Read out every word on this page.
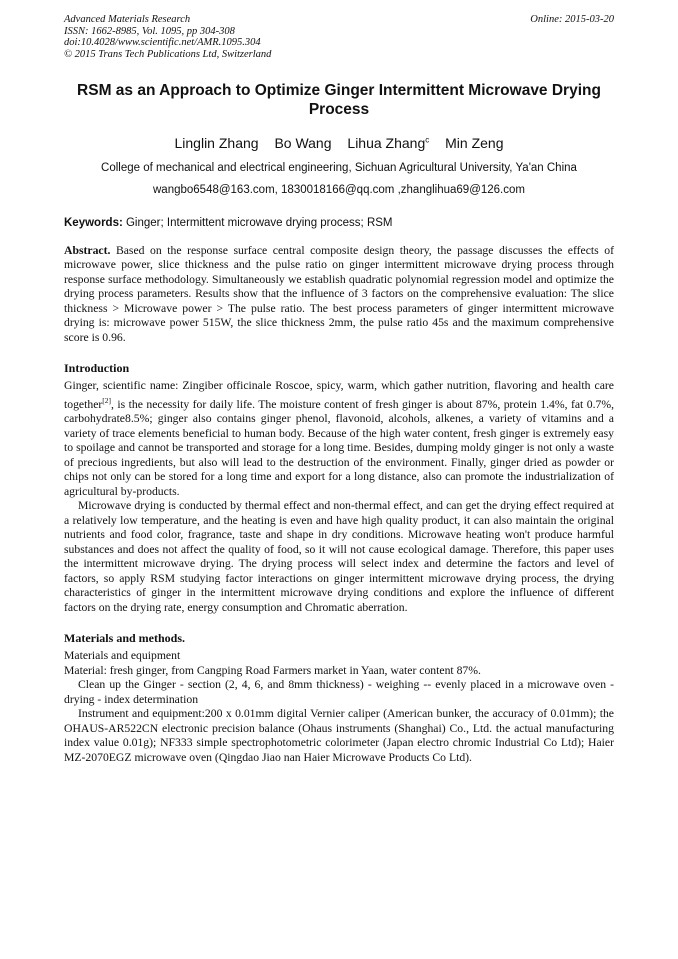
Advanced Materials Research
ISSN: 1662-8985, Vol. 1095, pp 304-308
doi:10.4028/www.scientific.net/AMR.1095.304
© 2015 Trans Tech Publications Ltd, Switzerland
Online: 2015-03-20
RSM as an Approach to Optimize Ginger Intermittent Microwave Drying Process
Linglin Zhang Bo Wang Lihua Zhang$^c$ Min Zeng
College of mechanical and electrical engineering, Sichuan Agricultural University, Ya'an China
wangbo6548@163.com, 1830018166@qq.com ,zhanglihua69@126.com
Keywords: Ginger; Intermittent microwave drying process; RSM

Abstract. Based on the response surface central composite design theory, the passage discusses the effects of microwave power, slice thickness and the pulse ratio on ginger intermittent microwave drying process through response surface methodology. Simultaneously we establish quadratic polynomial regression model and optimize the drying process parameters. Results show that the influence of 3 factors on the comprehensive evaluation: The slice thickness > Microwave power > The pulse ratio. The best process parameters of ginger intermittent microwave drying is: microwave power 515W, the slice thickness 2mm, the pulse ratio 45s and the maximum comprehensive score is 0.96.

Introduction

Ginger, scientific name: Zingiber officinale Roscoe, spicy, warm, which gather nutrition, flavoring and health care together[2], is the necessity for daily life. The moisture content of fresh ginger is about 87%, protein 1.4%, fat 0.7%, carbohydrate8.5%; ginger also contains ginger phenol, flavonoid, alcohols, alkenes, a variety of vitamins and a variety of trace elements beneficial to human body. Because of the high water content, fresh ginger is extremely easy to spoilage and cannot be transported and storage for a long time. Besides, dumping moldy ginger is not only a waste of precious ingredients, but also will lead to the destruction of the environment. Finally, ginger dried as powder or chips not only can be stored for a long time and export for a long distance, also can promote the industrialization of agricultural by-products.

Microwave drying is conducted by thermal effect and non-thermal effect, and can get the drying effect required at a relatively low temperature, and the heating is even and have high quality product, it can also maintain the original nutrients and food color, fragrance, taste and shape in dry conditions. Microwave heating won't produce harmful substances and does not affect the quality of food, so it will not cause ecological damage. Therefore, this paper uses the intermittent microwave drying. The drying process will select index and determine the factors and level of factors, so apply RSM studying factor interactions on ginger intermittent microwave drying process, the drying characteristics of ginger in the intermittent microwave drying conditions and explore the influence of different factors on the drying rate, energy consumption and Chromatic aberration.

Materials and methods.
Materials and equipment
Material: fresh ginger, from Cangping Road Farmers market in Yaan, water content 87%.

Clean up the Ginger - section (2, 4, 6, and 8mm thickness) - weighing -- evenly placed in a microwave oven - drying - index determination

Instrument and equipment:200 x 0.01mm digital Vernier caliper (American bunker, the accuracy of 0.01mm); the OHAUS-AR522CN electronic precision balance (Ohaus instruments (Shanghai) Co., Ltd. the actual manufacturing index value 0.01g); NF333 simple spectrophotometric colorimeter (Japan electro chromic Industrial Co Ltd); Haier MZ-2070EGZ microwave oven (Qingdao Jiao nan Haier Microwave Products Co Ltd).
